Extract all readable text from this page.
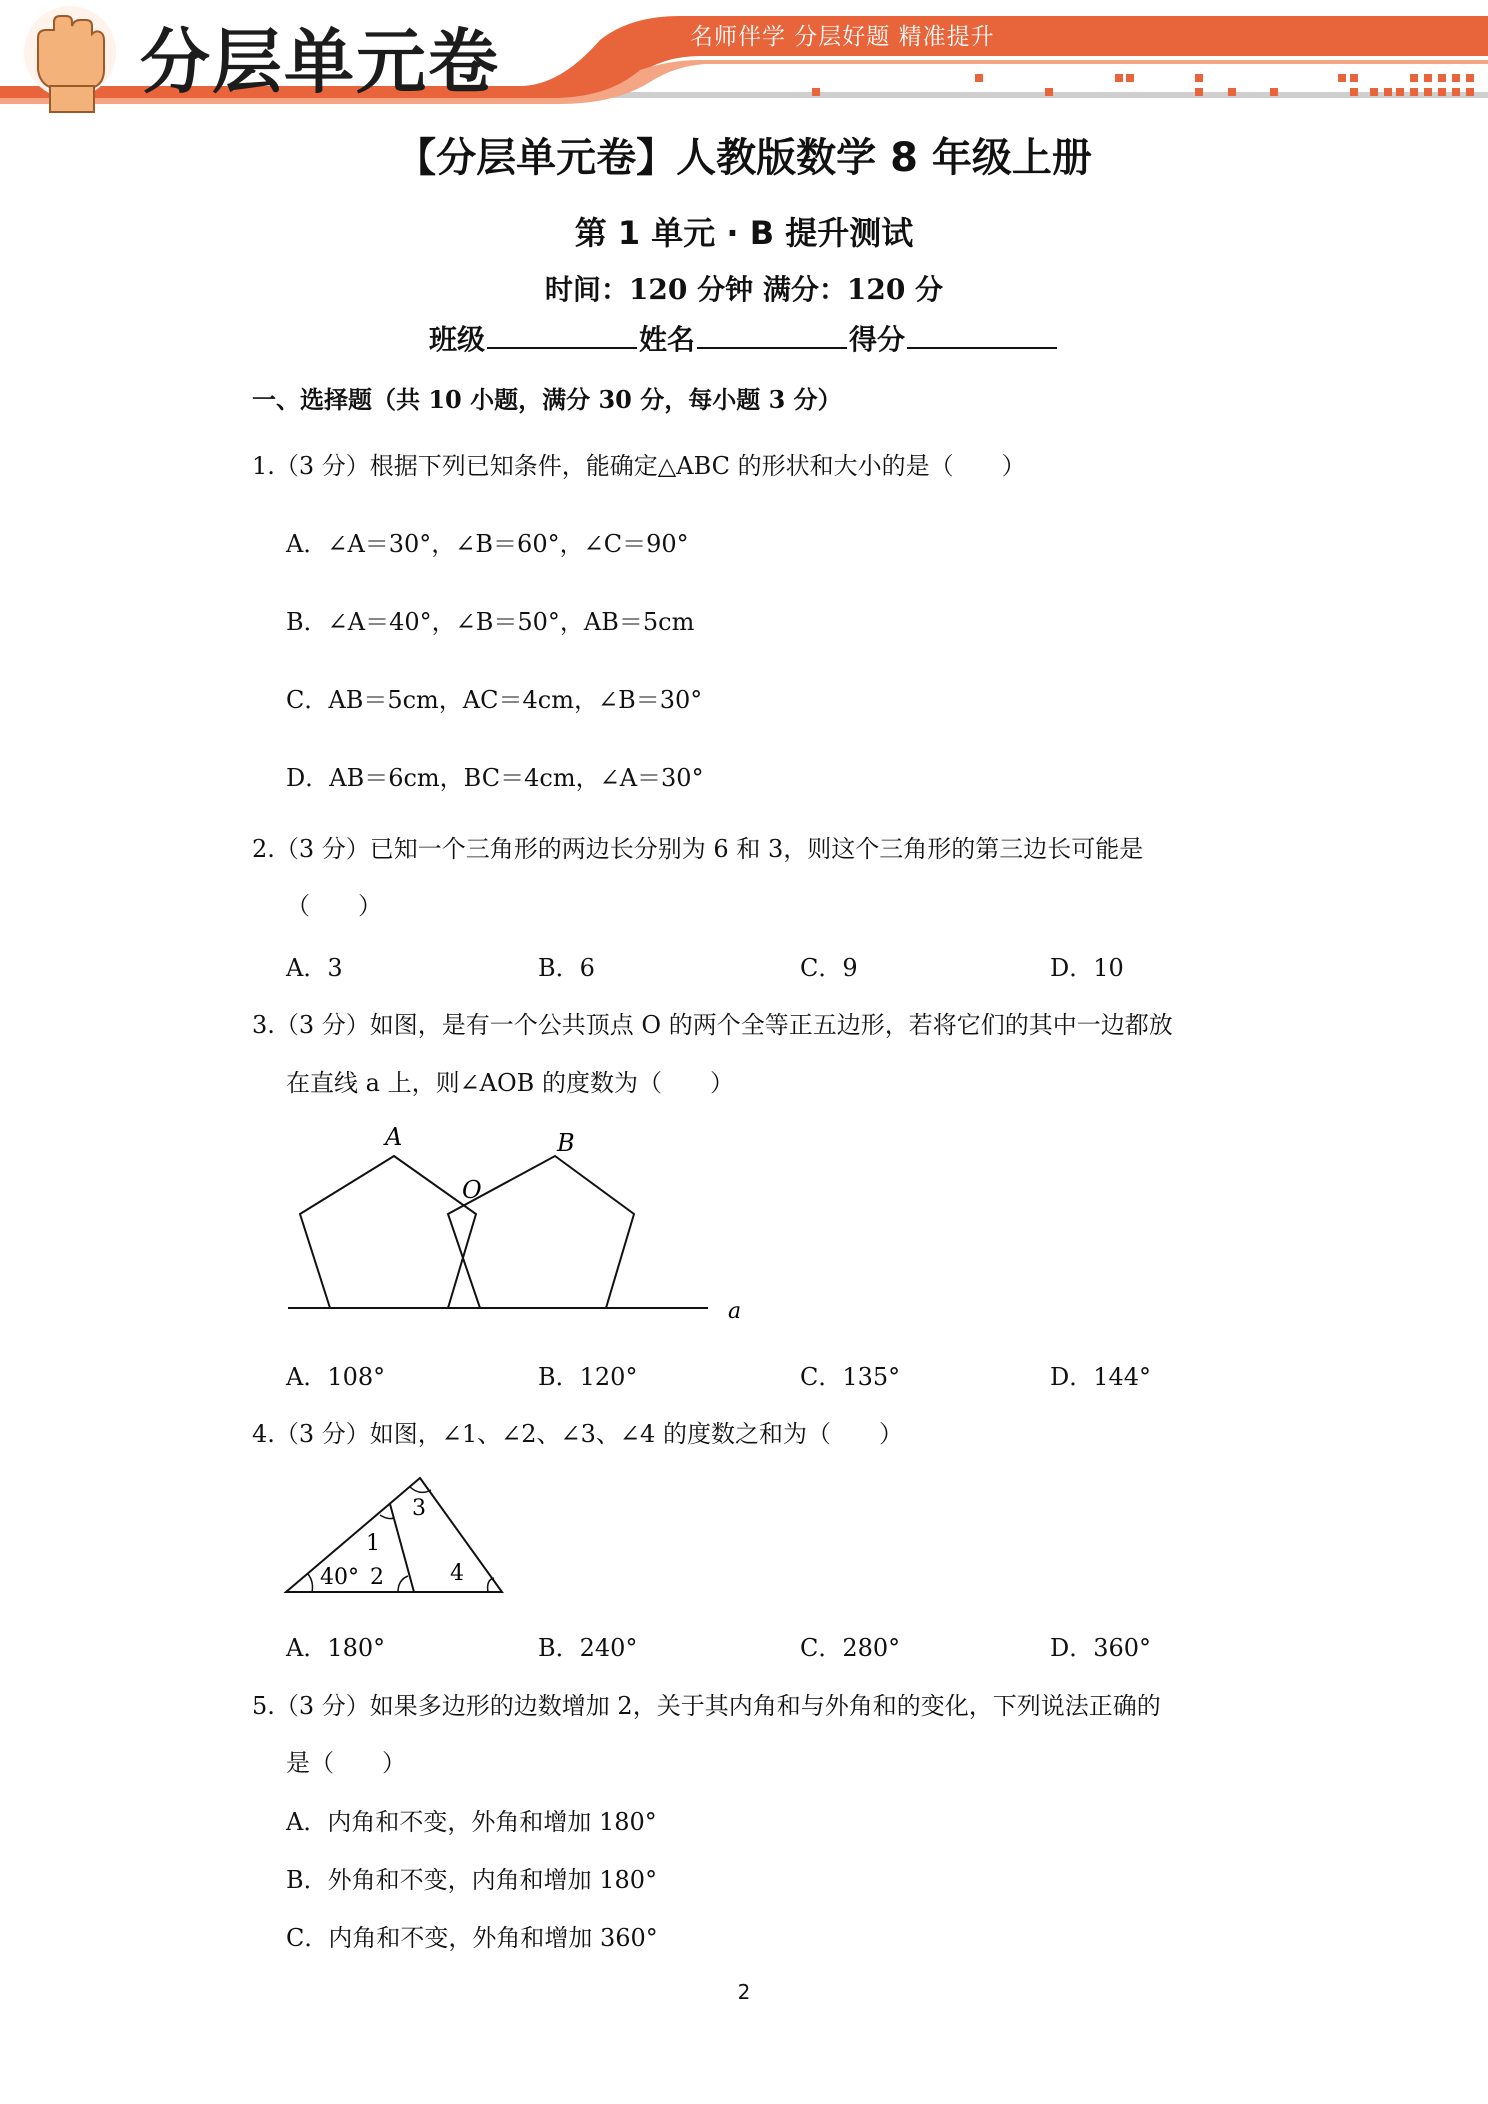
分层单元卷	名师伴学 分层好题 精准提升
【分层单元卷】人教版数学 8 年级上册
第 1 单元 · B 提升测试
时间：120 分钟 满分：120 分
班级	姓名	得分
一、选择题（共 10 小题，满分 30 分，每小题 3 分）
1.（3 分）根据下列已知条件，能确定△ABC 的形状和大小的是（　　）
A．∠A＝30°，∠B＝60°，∠C＝90°
B．∠A＝40°，∠B＝50°，AB＝5cm
C．AB＝5cm，AC＝4cm，∠B＝30°
D．AB＝6cm，BC＝4cm，∠A＝30°
2.（3 分）已知一个三角形的两边长分别为 6 和 3，则这个三角形的第三边长可能是
（　　）
A．3	B．6	C．9	D．10
3.（3 分）如图，是有一个公共顶点 O 的两个全等正五边形，若将它们的其中一边都放
在直线 a 上，则∠AOB 的度数为（　　）
A	B
O
a
A．108°	B．120°	C．135°	D．144°
4.（3 分）如图，∠1、∠2、∠3、∠4 的度数之和为（　　）
3
1
40° 2	4
A．180°	B．240°	C．280°	D．360°
5.（3 分）如果多边形的边数增加 2，关于其内角和与外角和的变化，下列说法正确的
是（　　）
A．内角和不变，外角和增加 180°
B．外角和不变，内角和增加 180°
C．内角和不变，外角和增加 360°
2
